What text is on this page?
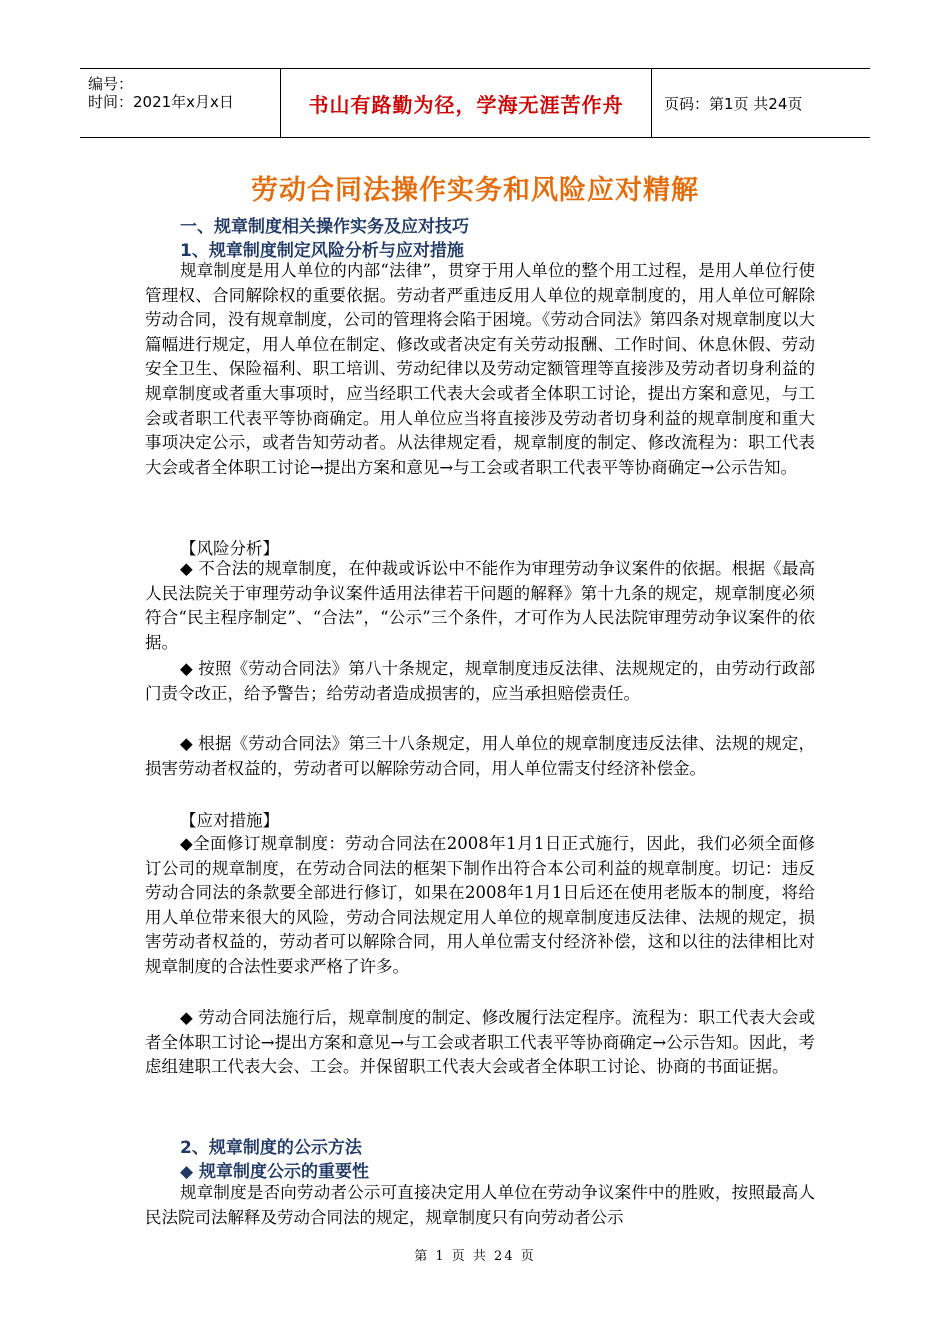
编号：
时间：2021年x月x日	书山有路勤为径，学海无涯苦作舟	页码：第1页 共24页
劳动合同法操作实务和风险应对精解
一、规章制度相关操作实务及应对技巧
1、规章制度制定风险分析与应对措施

规章制度是用人单位的内部“法律”，贯穿于用人单位的整个用工过程，是用人单位行使管理权、合同解除权的重要依据。劳动者严重违反用人单位的规章制度的，用人单位可解除劳动合同，没有规章制度，公司的管理将会陷于困境。《劳动合同法》第四条对规章制度以大篇幅进行规定，用人单位在制定、修改或者决定有关劳动报酬、工作时间、休息休假、劳动安全卫生、保险福利、职工培训、劳动纪律以及劳动定额管理等直接涉及劳动者切身利益的规章制度或者重大事项时，应当经职工代表大会或者全体职工讨论，提出方案和意见，与工会或者职工代表平等协商确定。用人单位应当将直接涉及劳动者切身利益的规章制度和重大事项决定公示，或者告知劳动者。从法律规定看，规章制度的制定、修改流程为：职工代表大会或者全体职工讨论→提出方案和意见→与工会或者职工代表平等协商确定→公示告知。

【风险分析】

◆ 不合法的规章制度，在仲裁或诉讼中不能作为审理劳动争议案件的依据。根据《最高人民法院关于审理劳动争议案件适用法律若干问题的解释》第十九条的规定，规章制度必须符合“民主程序制定”、“合法”，“公示”三个条件，才可作为人民法院审理劳动争议案件的依据。

◆ 按照《劳动合同法》第八十条规定，规章制度违反法律、法规规定的，由劳动行政部门责令改正，给予警告；给劳动者造成损害的，应当承担赔偿责任。

◆ 根据《劳动合同法》第三十八条规定，用人单位的规章制度违反法律、法规的规定，损害劳动者权益的，劳动者可以解除劳动合同，用人单位需支付经济补偿金。

【应对措施】

◆全面修订规章制度：劳动合同法在2008年1月1日正式施行，因此，我们必须全面修订公司的规章制度，在劳动合同法的框架下制作出符合本公司利益的规章制度。切记：违反劳动合同法的条款要全部进行修订，如果在2008年1月1日后还在使用老版本的制度，将给用人单位带来很大的风险，劳动合同法规定用人单位的规章制度违反法律、法规的规定，损害劳动者权益的，劳动者可以解除合同，用人单位需支付经济补偿，这和以往的法律相比对规章制度的合法性要求严格了许多。

◆ 劳动合同法施行后，规章制度的制定、修改履行法定程序。流程为：职工代表大会或者全体职工讨论→提出方案和意见→与工会或者职工代表平等协商确定→公示告知。因此，考虑组建职工代表大会、工会。并保留职工代表大会或者全体职工讨论、协商的书面证据。

2、规章制度的公示方法
◆ 规章制度公示的重要性

规章制度是否向劳动者公示可直接决定用人单位在劳动争议案件中的胜败，按照最高人民法院司法解释及劳动合同法的规定，规章制度只有向劳动者公示

第 1 页 共 24 页
